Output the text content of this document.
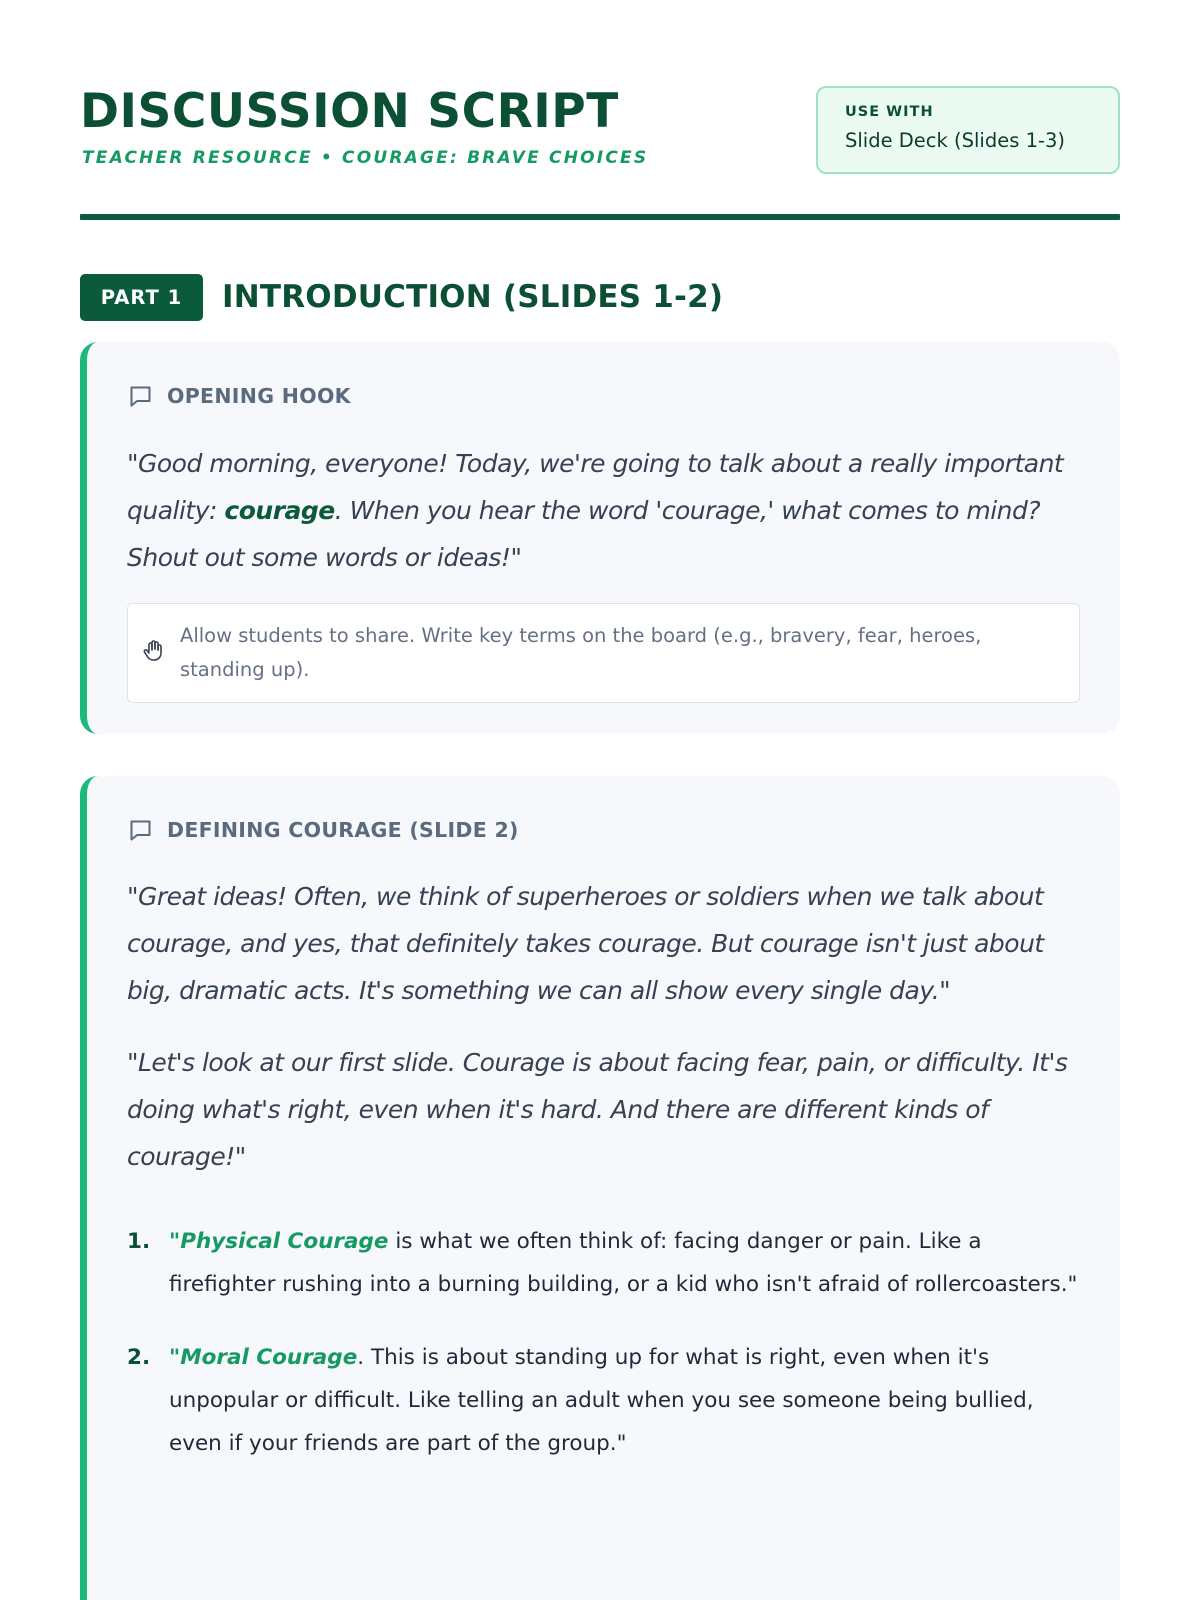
DISCUSSION SCRIPT
TEACHER RESOURCE • COURAGE: BRAVE CHOICES
USE WITH
Slide Deck (Slides 1-3)
PART 1	INTRODUCTION (SLIDES 1-2)
OPENING HOOK
"Good morning, everyone! Today, we're going to talk about a really important quality: courage. When you hear the word 'courage,' what comes to mind? Shout out some words or ideas!"
Allow students to share. Write key terms on the board (e.g., bravery, fear, heroes, standing up).
DEFINING COURAGE (SLIDE 2)
"Great ideas! Often, we think of superheroes or soldiers when we talk about courage, and yes, that definitely takes courage. But courage isn't just about big, dramatic acts. It's something we can all show every single day."
"Let's look at our first slide. Courage is about facing fear, pain, or difficulty. It's doing what's right, even when it's hard. And there are different kinds of courage!"
1. "Physical Courage is what we often think of: facing danger or pain. Like a firefighter rushing into a burning building, or a kid who isn't afraid of rollercoasters."
2. "Moral Courage. This is about standing up for what is right, even when it's unpopular or difficult. Like telling an adult when you see someone being bullied, even if your friends are part of the group."
